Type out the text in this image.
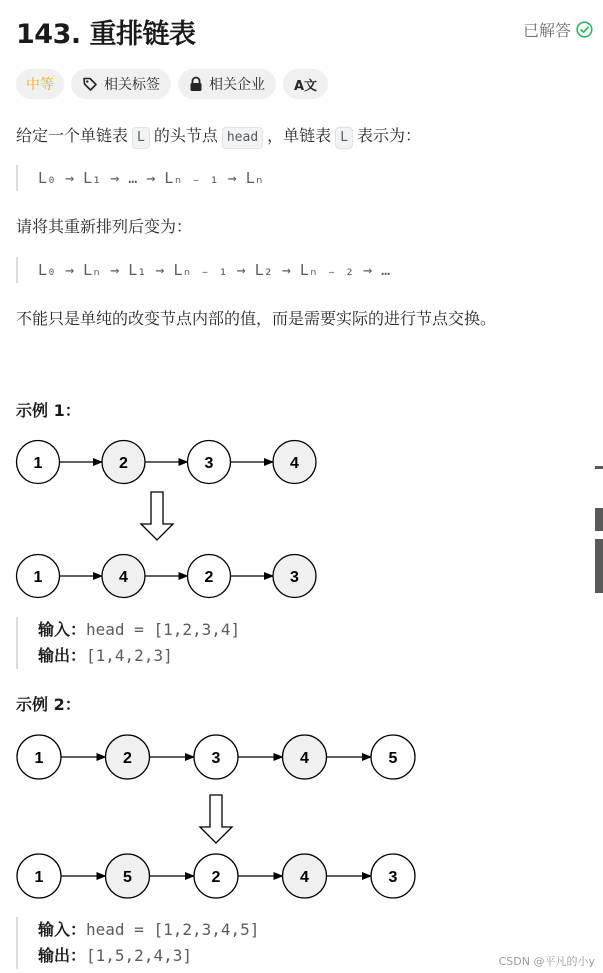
143. 重排链表	已解答
中等	相关标签	相关企业 A文
给定一个单链表 L 的头节点 head ，单链表 L 表示为：
L₀ → L₁ → … → Lₙ ₋ ₁ → Lₙ
请将其重新排列后变为：
L₀ → Lₙ → L₁ → Lₙ ₋ ₁ → L₂ → Lₙ ₋ ₂ → …
不能只是单纯的改变节点内部的值，而是需要实际的进行节点交换。
示例 1：
1	2	3	4
1	4	2	3
输入：head = [1,2,3,4]
输出：[1,4,2,3]
示例 2：
1	2	3	4	5
1	5	2	4	3
输入：head = [1,2,3,4,5]
输出：[1,5,2,4,3]	CSDN @平凡的小y
